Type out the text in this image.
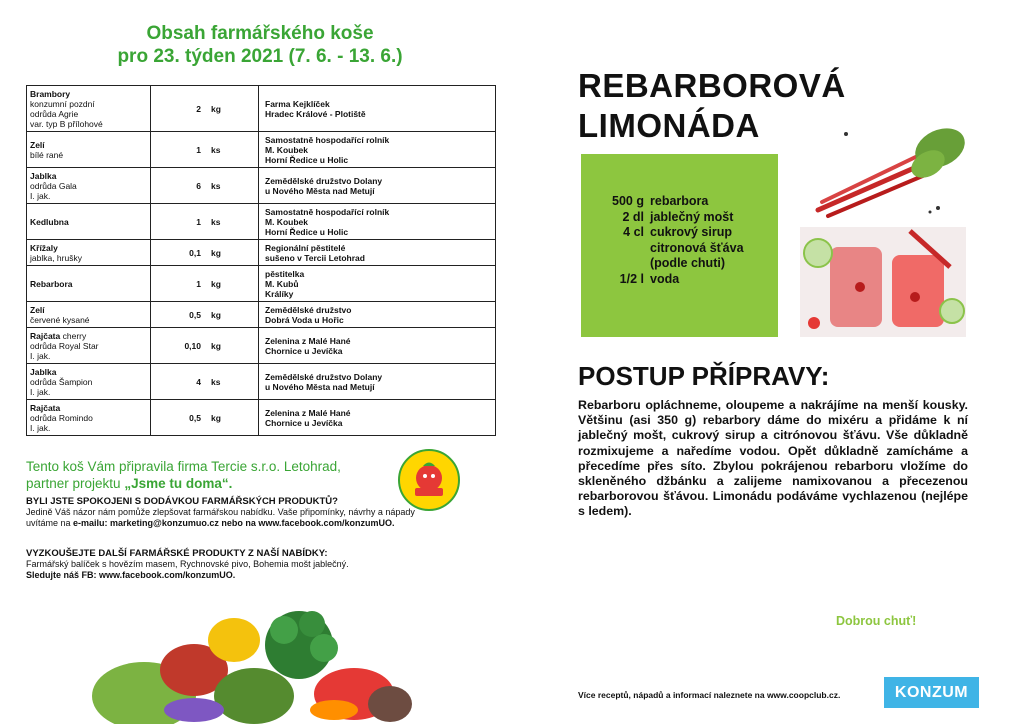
Obsah farmářského koše
pro 23. týden 2021 (7. 6. - 13. 6.)
Brambory
konzumní pozdní
odrůda Agrie
var. typ B přílohové	2 kg	Farma Kejklíček
Hradec Králové - Plotiště

Zelí
bílé rané	1 ks	Samostatně hospodařící rolník
M. Koubek
Horní Ředice u Holic

Jablka
odrůda Gala
I. jak.	6 ks	Zemědělské družstvo Dolany
u Nového Města nad Metují

Kedlubna	1 ks	Samostatně hospodařící rolník
M. Koubek
Horní Ředice u Holic

Křížaly
jablka, hrušky	0,1 kg	Regionální pěstitelé
sušeno v Tercii Letohrad

Rebarbora	1 kg	pěstitelka
M. Kubů
Králíky

Zelí
červené kysané	0,5 kg	Zemědělské družstvo
Dobrá Voda u Hořic

Rajčata cherry
odrůda Royal Star
I. jak.	0,10 kg	Zelenina z Malé Hané
Chornice u Jevíčka

Jablka
odrůda Šampion
I. jak.	4 ks	Zemědělské družstvo Dolany
u Nového Města nad Metují

Rajčata
odrůda Romindo
I. jak.	0,5 kg	Zelenina z Malé Hané
Chornice u Jevíčka
Tento koš Vám připravila firma Tercie s.r.o. Letohrad,
partner projektu „Jsme tu doma“.
BYLI JSTE SPOKOJENI S DODÁVKOU FARMÁŘSKÝCH PRODUKTŮ?
Jedině Váš názor nám pomůže zlepšovat farmářskou nabídku. Vaše připomínky, návrhy a nápady
uvítáme na e-mailu: marketing@konzumuo.cz nebo na www.facebook.com/konzumUO.
VYZKOUŠEJTE DALŠÍ FARMÁŘSKÉ PRODUKTY Z NAŠÍ NABÍDKY:
Farmářský balíček s hovězím masem, Rychnovské pivo, Bohemia mošt jablečný.
Sledujte náš FB: www.facebook.com/konzumUO.
REBARBOROVÁ
LIMONÁDA
500 g rebarbora
2 dl jablečný mošt
4 cl cukrový sirup
citronová šťáva
(podle chuti)
1/2 l voda
POSTUP PŘÍPRAVY:
Rebarboru opláchneme, oloupeme a nakrájíme na menší kousky. Většinu (asi 350 g) rebarbory dáme do mixéru a přidáme k ní jablečný mošt, cukrový sirup a citrónovou šťávu. Vše důkladně rozmixujeme a naředíme vodou. Opět důkladně zamícháme a přecedíme přes síto. Zbylou pokrájenou rebarboru vložíme do skleněného džbánku a zalijeme namixovanou a přecezenou rebarborovou šťávou. Limonádu podáváme vychlazenou (nejlépe s ledem).
Dobrou chuť!
Více receptů, nápadů a informací naleznete na www.coopclub.cz.	KONZUM
